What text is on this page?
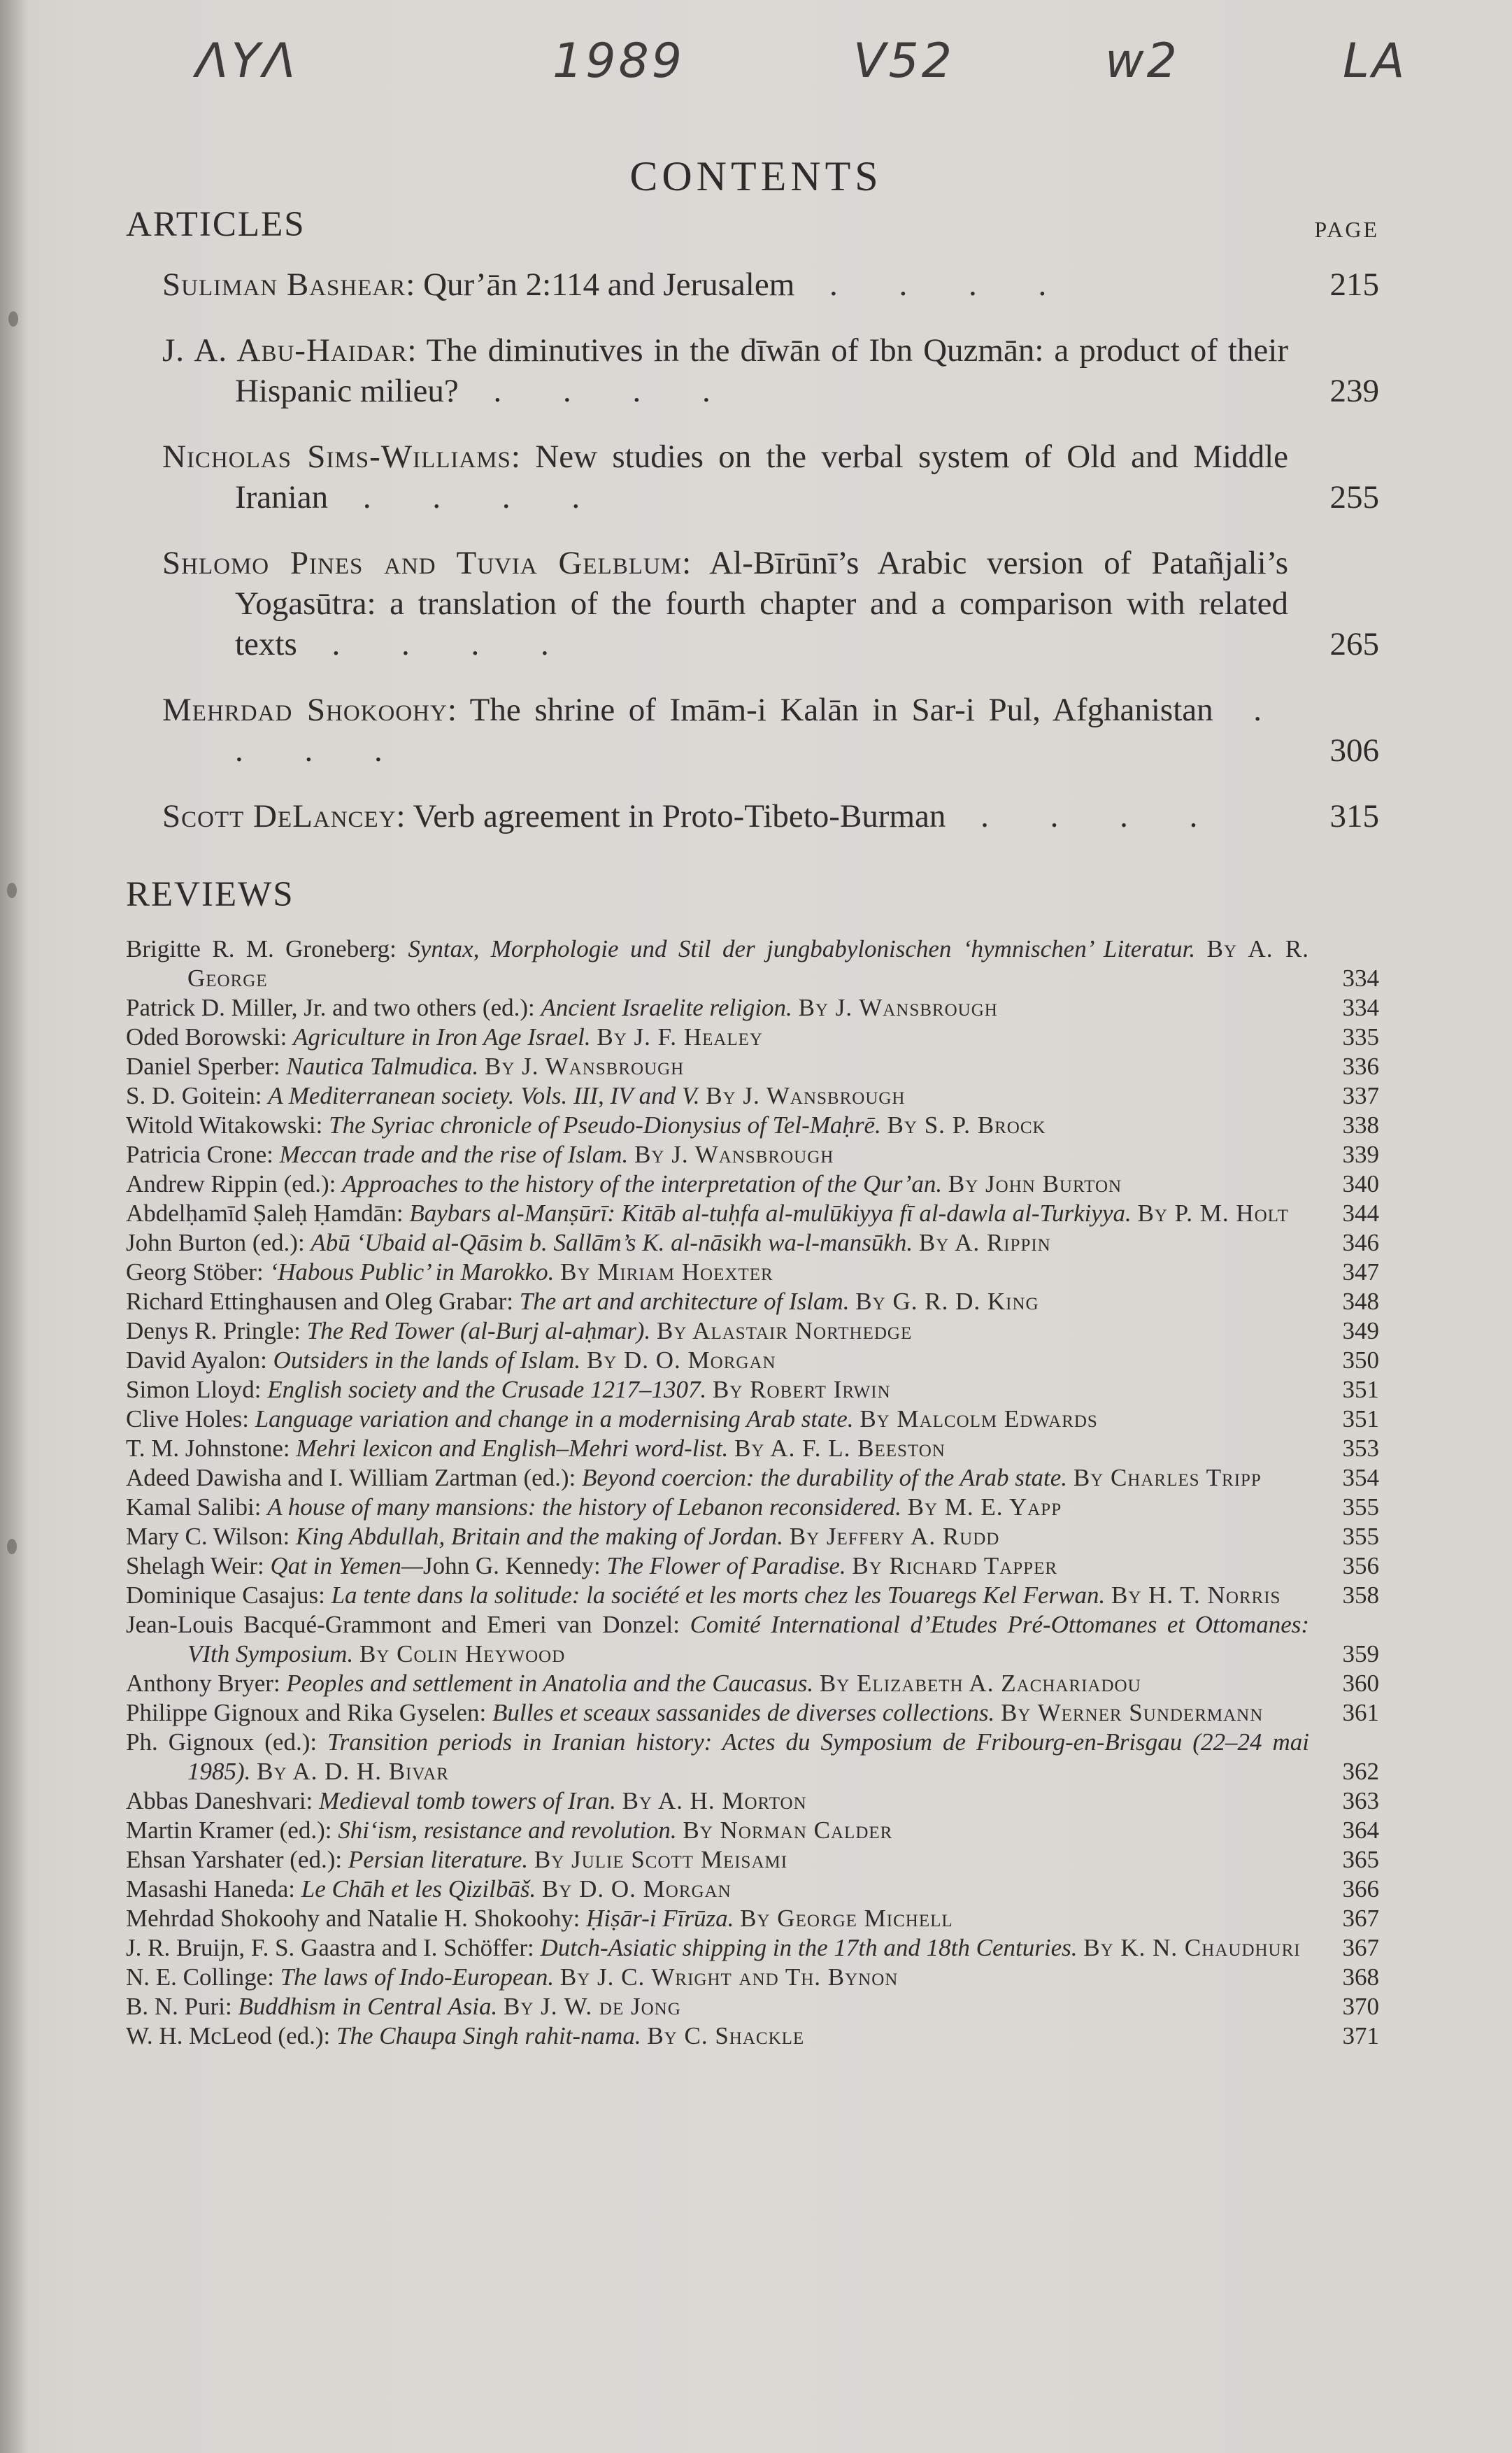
ΛΥΛ	1989	V52	w2	LA
CONTENTS
ARTICLES	PAGE
Suliman Bashear: Qur’ān 2:114 and Jerusalem . . . .	215
J. A. Abu-Haidar: The diminutives in the dīwān of Ibn Quzmān: a product of their Hispanic milieu? . . . .	239
Nicholas Sims-Williams: New studies on the verbal system of Old and Middle Iranian . . . .	255
Shlomo Pines and Tuvia Gelblum: Al-Bīrūnī’s Arabic version of Patañjali’s Yogasūtra: a translation of the fourth chapter and a comparison with related texts . . . .	265
Mehrdad Shokoohy: The shrine of Imām-i Kalān in Sar-i Pul, Afghanistan . . . .	306
Scott DeLancey: Verb agreement in Proto-Tibeto-Burman . . . .	315
REVIEWS
Brigitte R. M. Groneberg: Syntax, Morphologie und Stil der jungbabylonischen ‘hymnischen’ Literatur. By A. R. George	334
Patrick D. Miller, Jr. and two others (ed.): Ancient Israelite religion. By J. Wansbrough	334
Oded Borowski: Agriculture in Iron Age Israel. By J. F. Healey	335
Daniel Sperber: Nautica Talmudica. By J. Wansbrough	336
S. D. Goitein: A Mediterranean society. Vols. III, IV and V. By J. Wansbrough	337
Witold Witakowski: The Syriac chronicle of Pseudo-Dionysius of Tel-Maḥrē. By S. P. Brock	338
Patricia Crone: Meccan trade and the rise of Islam. By J. Wansbrough	339
Andrew Rippin (ed.): Approaches to the history of the interpretation of the Qur’an. By John Burton	340
Abdelḥamīd Ṣaleḥ Ḥamdān: Baybars al-Manṣūrī: Kitāb al-tuḥfa al-mulūkiyya fī al-dawla al-Turkiyya. By P. M. Holt 344
John Burton (ed.): Abū ‘Ubaid al-Qāsim b. Sallām’s K. al-nāsikh wa-l-mansūkh. By A. Rippin	346
Georg Stöber: ‘Habous Public’ in Marokko. By Miriam Hoexter	347
Richard Ettinghausen and Oleg Grabar: The art and architecture of Islam. By G. R. D. King	348
Denys R. Pringle: The Red Tower (al-Burj al-aḥmar). By Alastair Northedge	349
David Ayalon: Outsiders in the lands of Islam. By D. O. Morgan	350
Simon Lloyd: English society and the Crusade 1217–1307. By Robert Irwin	351
Clive Holes: Language variation and change in a modernising Arab state. By Malcolm Edwards	351
T. M. Johnstone: Mehri lexicon and English–Mehri word-list. By A. F. L. Beeston	353
Adeed Dawisha and I. William Zartman (ed.): Beyond coercion: the durability of the Arab state. By Charles Tripp	354
Kamal Salibi: A house of many mansions: the history of Lebanon reconsidered. By M. E. Yapp	355
Mary C. Wilson: King Abdullah, Britain and the making of Jordan. By Jeffery A. Rudd	355
Shelagh Weir: Qat in Yemen—John G. Kennedy: The Flower of Paradise. By Richard Tapper	356
Dominique Casajus: La tente dans la solitude: la société et les morts chez les Touaregs Kel Ferwan. By H. T. Norris	358
Jean-Louis Bacqué-Grammont and Emeri van Donzel: Comité International d’Etudes Pré-Ottomanes et Ottomanes: VIth Symposium. By Colin Heywood	359
Anthony Bryer: Peoples and settlement in Anatolia and the Caucasus. By Elizabeth A. Zachariadou	360
Philippe Gignoux and Rika Gyselen: Bulles et sceaux sassanides de diverses collections. By Werner Sundermann	361
Ph. Gignoux (ed.): Transition periods in Iranian history: Actes du Symposium de Fribourg-en-Brisgau (22–24 mai 1985). By A. D. H. Bivar	362
Abbas Daneshvari: Medieval tomb towers of Iran. By A. H. Morton	363
Martin Kramer (ed.): Shi‘ism, resistance and revolution. By Norman Calder	364
Ehsan Yarshater (ed.): Persian literature. By Julie Scott Meisami	365
Masashi Haneda: Le Chāh et les Qizilbāš. By D. O. Morgan	366
Mehrdad Shokoohy and Natalie H. Shokoohy: Ḥiṣār-i Fīrūza. By George Michell	367
J. R. Bruijn, F. S. Gaastra and I. Schöffer: Dutch-Asiatic shipping in the 17th and 18th Centuries. By K. N. Chaudhuri 367
N. E. Collinge: The laws of Indo-European. By J. C. Wright and Th. Bynon	368
B. N. Puri: Buddhism in Central Asia. By J. W. de Jong	370
W. H. McLeod (ed.): The Chaupa Singh rahit-nama. By C. Shackle	371
